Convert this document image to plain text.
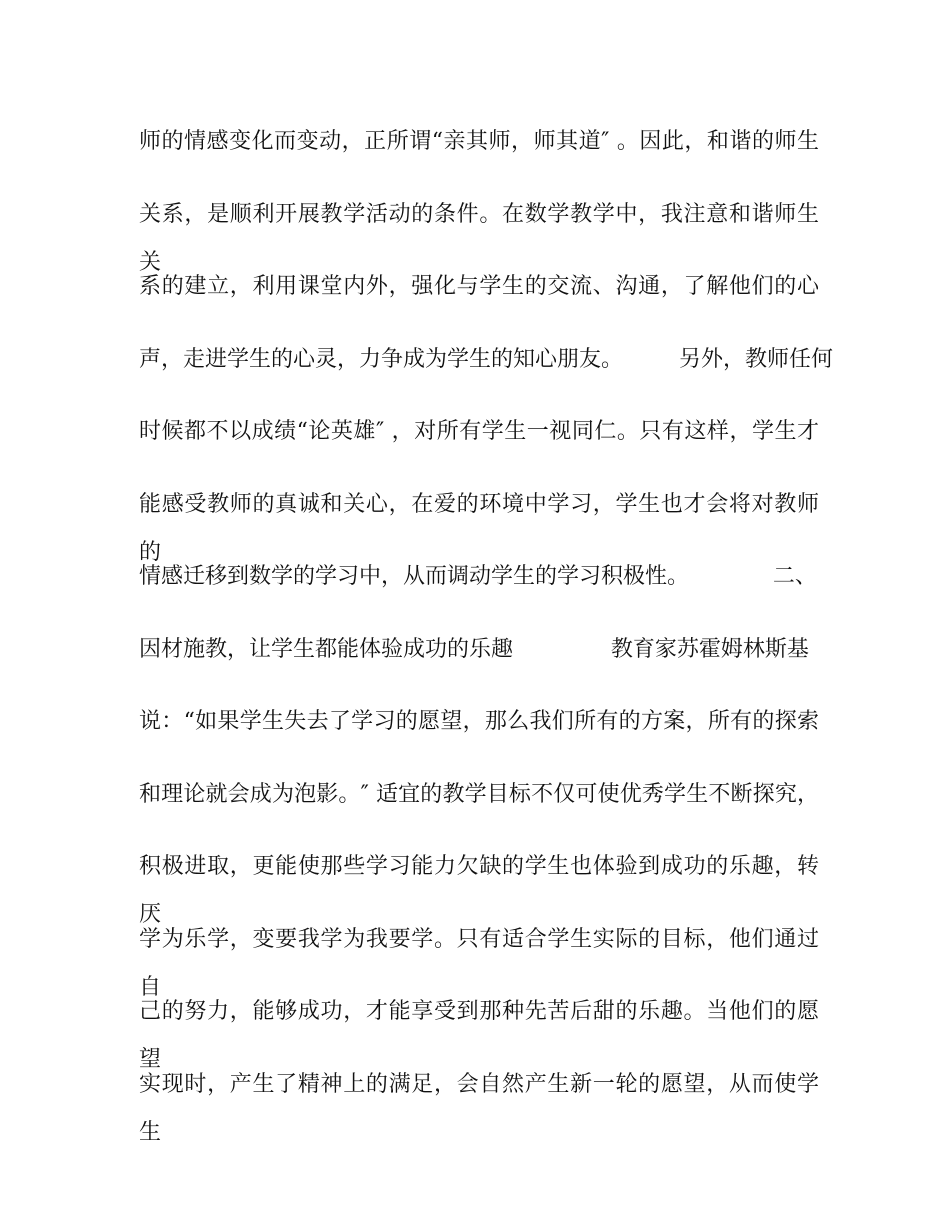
师的情感变化而变动，正所谓“亲其师，师其道″ 。因此，和谐的师生

关系，是顺利开展教学活动的条件。在数学教学中，我注意和谐师生关

系的建立，利用课堂内外，强化与学生的交流、沟通，了解他们的心

声，走进学生的心灵，力争成为学生的知心朋友。        另外，教师任何

时候都不以成绩“论英雄″ ，对所有学生一视同仁。只有这样，学生才

能感受教师的真诚和关心，在爱的环境中学习，学生也才会将对教师的

情感迁移到数学的学习中，从而调动学生的学习积极性。            二、

因材施教，让学生都能体验成功的乐趣              教育家苏霍姆林斯基

说：“如果学生失去了学习的愿望，那么我们所有的方案，所有的探索

和理论就会成为泡影。″ 适宜的教学目标不仅可使优秀学生不断探究，

积极进取，更能使那些学习能力欠缺的学生也体验到成功的乐趣，转厌

学为乐学，变要我学为我要学。只有适合学生实际的目标，他们通过自

己的努力，能够成功，才能享受到那种先苦后甜的乐趣。当他们的愿望

实现时，产生了精神上的满足，会自然产生新一轮的愿望，从而使学生
